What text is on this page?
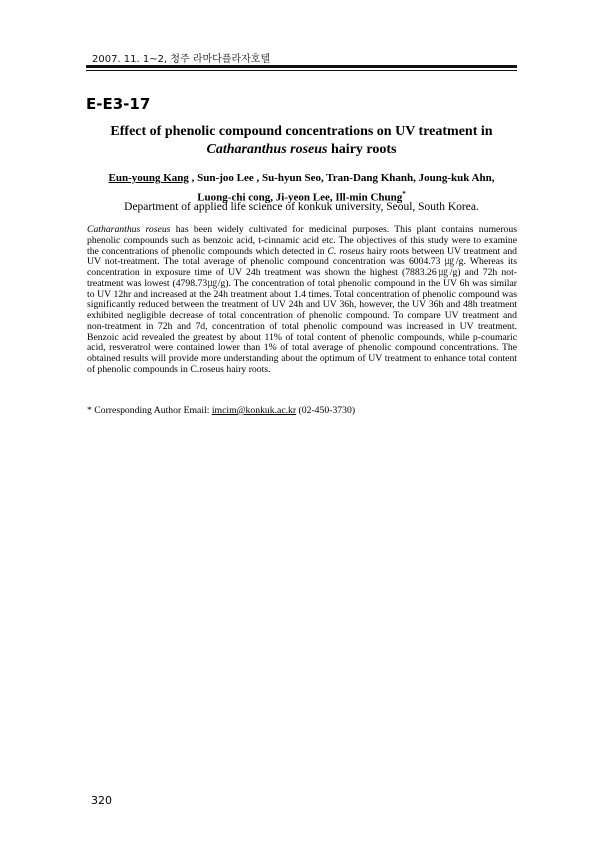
2007. 11. 1~2, 청주 라마다플라자호텔
E-E3-17
Effect of phenolic compound concentrations on UV treatment in
Catharanthus roseus hairy roots
Eun-young Kang , Sun-joo Lee , Su-hyun Seo, Tran-Dang Khanh, Joung-kuk Ahn,
Luong-chi cong, Ji-yeon Lee, Ill-min Chung*
Department of applied life science of konkuk university, Seoul, South Korea.
Catharanthus roseus has been widely cultivated for medicinal purposes. This plant contains numerous phenolic compounds such as benzoic acid, t-cinnamic acid etc. The objectives of this study were to examine the concentrations of phenolic compounds which detected in C. roseus hairy roots between UV treatment and UV not-treatment. The total average of phenolic compound concentration was 6004.73 ㎍/g. Whereas its concentration in exposure time of UV 24h treatment was shown the highest (7883.26㎍/g) and 72h not-treatment was lowest (4798.73㎍/g). The concentration of total phenolic compound in the UV 6h was similar to UV 12hr and increased at the 24h treatment about 1.4 times. Total concentration of phenolic compound was significantly reduced between the treatment of UV 24h and UV 36h, however, the UV 36h and 48h treatment exhibited negligible decrease of total concentration of phenolic compound. To compare UV treatment and non-treatment in 72h and 7d, concentration of total phenolic compound was increased in UV treatment. Benzoic acid revealed the greatest by about 11% of total content of phenolic compounds, while p-coumaric acid, resveratrol were contained lower than 1% of total average of phenolic compound concentrations. The obtained results will provide more understanding about the optimum of UV treatment to enhance total content of phenolic compounds in C.roseus hairy roots.
* Corresponding Author Email: imcim@konkuk.ac.kr (02-450-3730)
320
